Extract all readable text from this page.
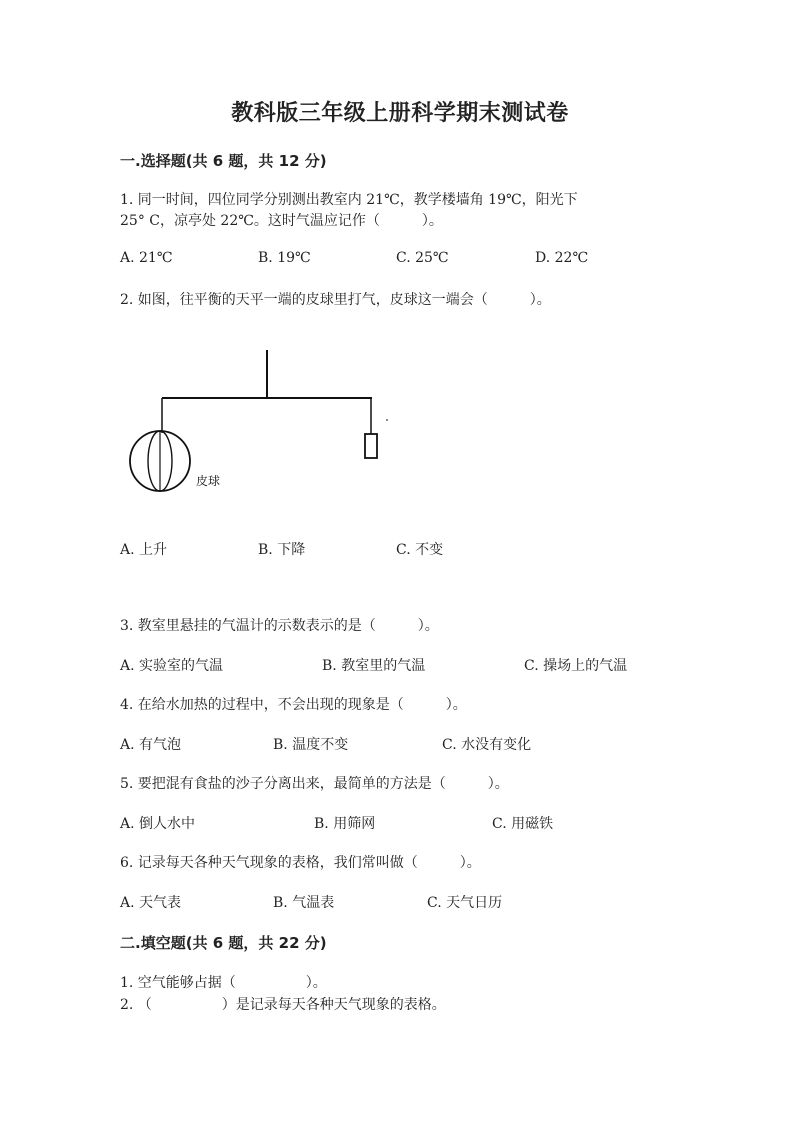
教科版三年级上册科学期末测试卷
一.选择题(共 6 题，共 12 分)
1. 同一时间，四位同学分别测出教室内 21℃，教学楼墙角 19℃，阳光下
25° C，凉亭处 22℃。这时气温应记作（　　　）。
A. 21℃	B. 19℃	C. 25℃	D. 22℃
2. 如图，往平衡的天平一端的皮球里打气，皮球这一端会（　　　）。
皮球
A. 上升	B. 下降	C. 不变
3. 教室里悬挂的气温计的示数表示的是（　　　）。
A. 实验室的气温	B. 教室里的气温	C. 操场上的气温
4. 在给水加热的过程中，不会出现的现象是（　　　）。
A. 有气泡	B. 温度不变	C. 水没有变化
5. 要把混有食盐的沙子分离出来，最简单的方法是（　　　）。
A. 倒人水中	B. 用筛网	C. 用磁铁
6. 记录每天各种天气现象的表格，我们常叫做（　　　）。
A. 天气表	B. 气温表	C. 天气日历
二.填空题(共 6 题，共 22 分)
1. 空气能够占据（　　　　　）。
2. （　　　　　）是记录每天各种天气现象的表格。
